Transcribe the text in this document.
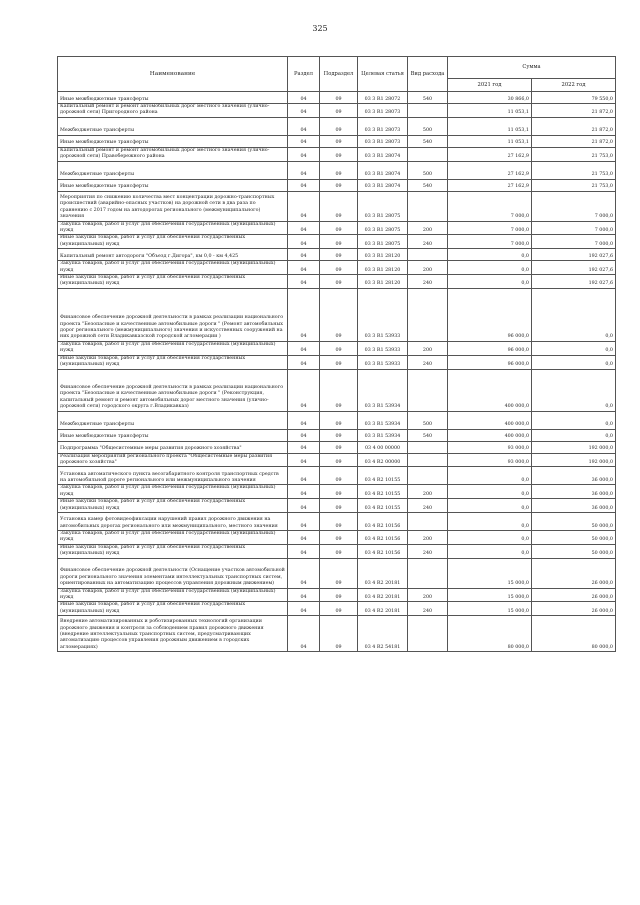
325
Наименование	Раздел	Подраздел	Целевая статья	Вид расхода	Сумма	
					2021 год	2022 год
Иные межбюджетные трансферты	04	09	03 3 R1 28072	540	30 866,0	79 550,0
Капитальный ремонт и ремонт автомобильных дорог местного значения (улично-дорожной сети) Пригородного района	04	09	03 3 R1 28073		11 053,1	21 872,0
Межбюджетные трансферты	04	09	03 3 R1 28073	500	11 053,1	21 872,0
Иные межбюджетные трансферты	04	09	03 3 R1 28073	540	11 053,1	21 872,0
Капитальный ремонт и ремонт автомобильных дорог местного значения (улично-дорожной сети) Правобережного района	04	09	03 3 R1 28074		27 162,9	21 753,0
Межбюджетные трансферты	04	09	03 3 R1 28074	500	27 162,9	21 753,0
Иные межбюджетные трансферты	04	09	03 3 R1 28074	540	27 162,9	21 753,0
Мероприятия по снижению количества мест концентрации дорожно-транспортных происшествий (аварийно-опасных участков) на дорожной сети в два раза по сравнению с 2017 годом на автодорогах регионального (межмуниципального) значения	04	09	03 3 R1 28075		7 000,0	7 000,0
Закупка товаров, работ и услуг для обеспечения государственных (муниципальных) нужд	04	09	03 3 R1 28075	200	7 000,0	7 000,0
Иные закупки товаров, работ и услуг для обеспечения государственных (муниципальных) нужд	04	09	03 3 R1 28075	240	7 000,0	7 000,0
Капитальный ремонт автодороги "Объезд г.Дигора", км 0,0 - км 4,425	04	09	03 3 R1 28120		0,0	192 027,6
Закупка товаров, работ и услуг для обеспечения государственных (муниципальных) нужд	04	09	03 3 R1 28120	200	0,0	192 027,6
Иные закупки товаров, работ и услуг для обеспечения государственных (муниципальных) нужд	04	09	03 3 R1 28120	240	0,0	192 027,6
Финансовое обеспечение дорожной деятельности в рамках реализации национального проекта "Безопасные и качественные автомобильные дороги " (Ремонт автомобильных дорог регионального (межмуниципального) значения и искусственных сооружений на них дорожной сети Владикавказской городской агломерации )	04	09	03 3 R1 53933		96 000,0	0,0
Закупка товаров, работ и услуг для обеспечения государственных (муниципальных) нужд	04	09	03 3 R1 53933	200	96 000,0	0,0
Иные закупки товаров, работ и услуг для обеспечения государственных (муниципальных) нужд	04	09	03 3 R1 53933	240	96 000,0	0,0
Финансовое обеспечение дорожной деятельности в рамках реализации национального проекта "Безопасные и качественные автомобильные дороги " (Реконструкция, капитальный ремонт и ремонт автомобильных дорог местного значения (улично-дорожной сети) городского округа г.Владикавказ)	04	09	03 3 R1 53934		400 000,0	0,0
Межбюджетные трансферты	04	09	03 3 R1 53934	500	400 000,0	0,0
Иные межбюджетные трансферты	04	09	03 3 R1 53934	540	400 000,0	0,0
Подпрограмма "Общесистемные меры развития дорожного хозяйства"	04	09	03 4 00 00000		93 000,0	192 000,0
Реализация мероприятий регионального проекта "Общесистемные меры развития дорожного хозяйства"	04	09	03 4 R2 00000		93 000,0	192 000,0
Установка автоматического пункта весогабаритного контроля транспортных средств на автомобильной дороге регионального или межмуниципального значения	04	09	03 4 R2 10155		0,0	36 000,0
Закупка товаров, работ и услуг для обеспечения государственных (муниципальных) нужд	04	09	03 4 R2 10155	200	0,0	36 000,0
Иные закупки товаров, работ и услуг для обеспечения государственных (муниципальных) нужд	04	09	03 4 R2 10155	240	0,0	36 000,0
Установка камер фотовидеофиксации нарушений правил дорожного движения на автомобильных дорогах регионального или межмуниципального, местного значения	04	09	03 4 R2 10156		0,0	50 000,0
Закупка товаров, работ и услуг для обеспечения государственных (муниципальных) нужд	04	09	03 4 R2 10156	200	0,0	50 000,0
Иные закупки товаров, работ и услуг для обеспечения государственных (муниципальных) нужд	04	09	03 4 R2 10156	240	0,0	50 000,0
Финансовое обеспечение дорожной деятельности (Оснащение участков автомобильной дороги регионального значения элементами интеллектуальных транспортных систем, ориентированных на автоматизацию процессов управления дорожным движением)	04	09	03 4 R2 20181		15 000,0	26 000,0
Закупка товаров, работ и услуг для обеспечения государственных (муниципальных) нужд	04	09	03 4 R2 20181	200	15 000,0	26 000,0
Иные закупки товаров, работ и услуг для обеспечения государственных (муниципальных) нужд	04	09	03 4 R2 20181	240	15 000,0	26 000,0
Внедрение автоматизированных и роботизированных технологий организации дорожного движения и контроля за соблюдением правил дорожного движения (внедрение интеллектуальных транспортных систем, предусматривающих автоматизацию процессов управления дорожным движением в городских агломерациях)	04	09	03 4 R2 54181		80 000,0	80 000,0
